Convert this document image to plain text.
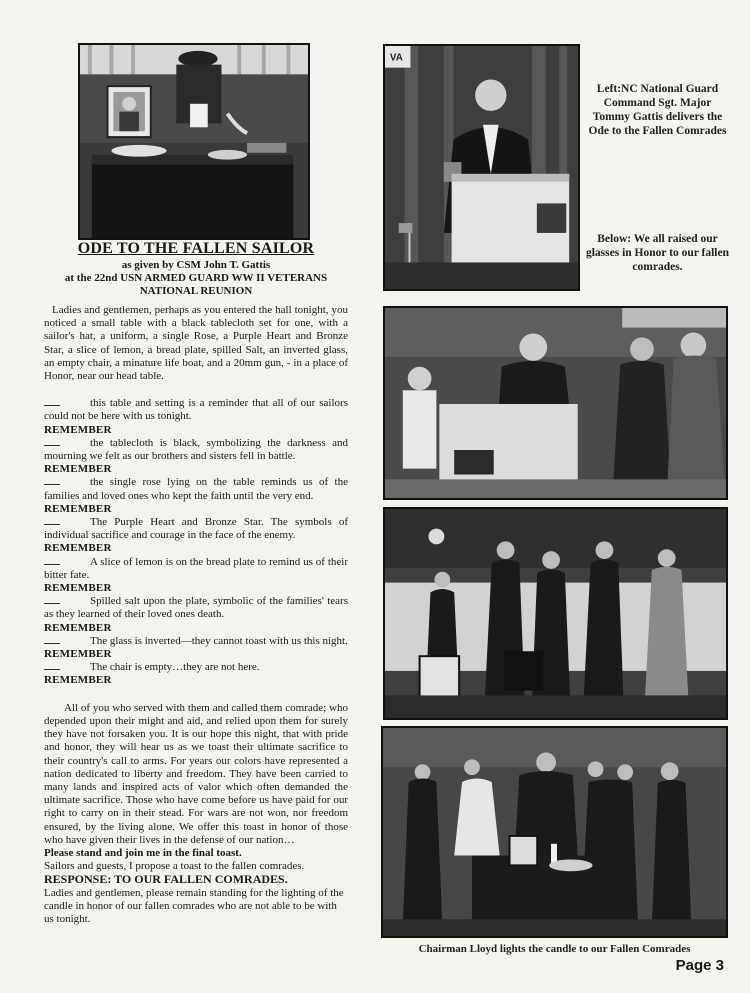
VA
Left:NC National Guard Command Sgt. Major Tommy Gattis delivers the Ode to the Fallen Comrades
Below: We all raised our glasses in Honor to our fallen comrades.
Chairman Lloyd lights the candle to our Fallen Comrades
Page 3

ODE TO THE FALLEN SAILOR

as given by CSM John T. Gattis

at the 22nd USN ARMED GUARD WW II VETERANS

NATIONAL REUNION

Ladies and gentlemen, perhaps as you entered the hall tonight, you noticed a small table with a black tablecloth set for one, with a sailor's hat, a uniform, a single Rose, a Purple Heart and Bronze Star, a slice of lemon, a bread plate, spilled Salt, an inverted glass, an empty chair, a minature life boat, and a 20mm gun, - in a place of Honor, near our head table.

this table and setting is a reminder that all of our sailors could not be here with us tonight.

REMEMBER

the tablecloth is black, symbolizing the darkness and mourning we felt as our brothers and sisters fell in battle.

REMEMBER

the single rose lying on the table reminds us of the families and loved ones who kept the faith until the very end.

REMEMBER

The Purple Heart and Bronze Star. The symbols of individual sacrifice and courage in the face of the enemy.

REMEMBER

A slice of lemon is on the bread plate to remind us of their bitter fate.

REMEMBER

Spilled salt upon the plate, symbolic of the families' tears as they learned of their loved ones death.

REMEMBER

The glass is inverted—they cannot toast with us this night.

REMEMBER

The chair is empty…they are not here.

REMEMBER

All of you who served with them and called them comrade; who depended upon their might and aid, and relied upon them for surely they have not forsaken you. It is our hope this night, that with pride and honor, they will hear us as we toast their ultimate sacrifice to their country's call to arms. For years our colors have represented a nation dedicated to liberty and freedom. They have been carried to many lands and inspired acts of valor which often demanded the ultimate sacrifice. Those who have come before us have paid for our right to carry on in their stead. For wars are not won, nor freedom ensured, by the living alone. We offer this toast in honor of those who have given their lives in the defense of our nation…

Please stand and join me in the final toast.

Sailors and guests, I propose a toast to the fallen comrades.

RESPONSE: TO OUR FALLEN COMRADES.

Ladies and gentlemen, please remain standing for the lighting of the candle in honor of our fallen comrades who are not able to be with us tonight.
